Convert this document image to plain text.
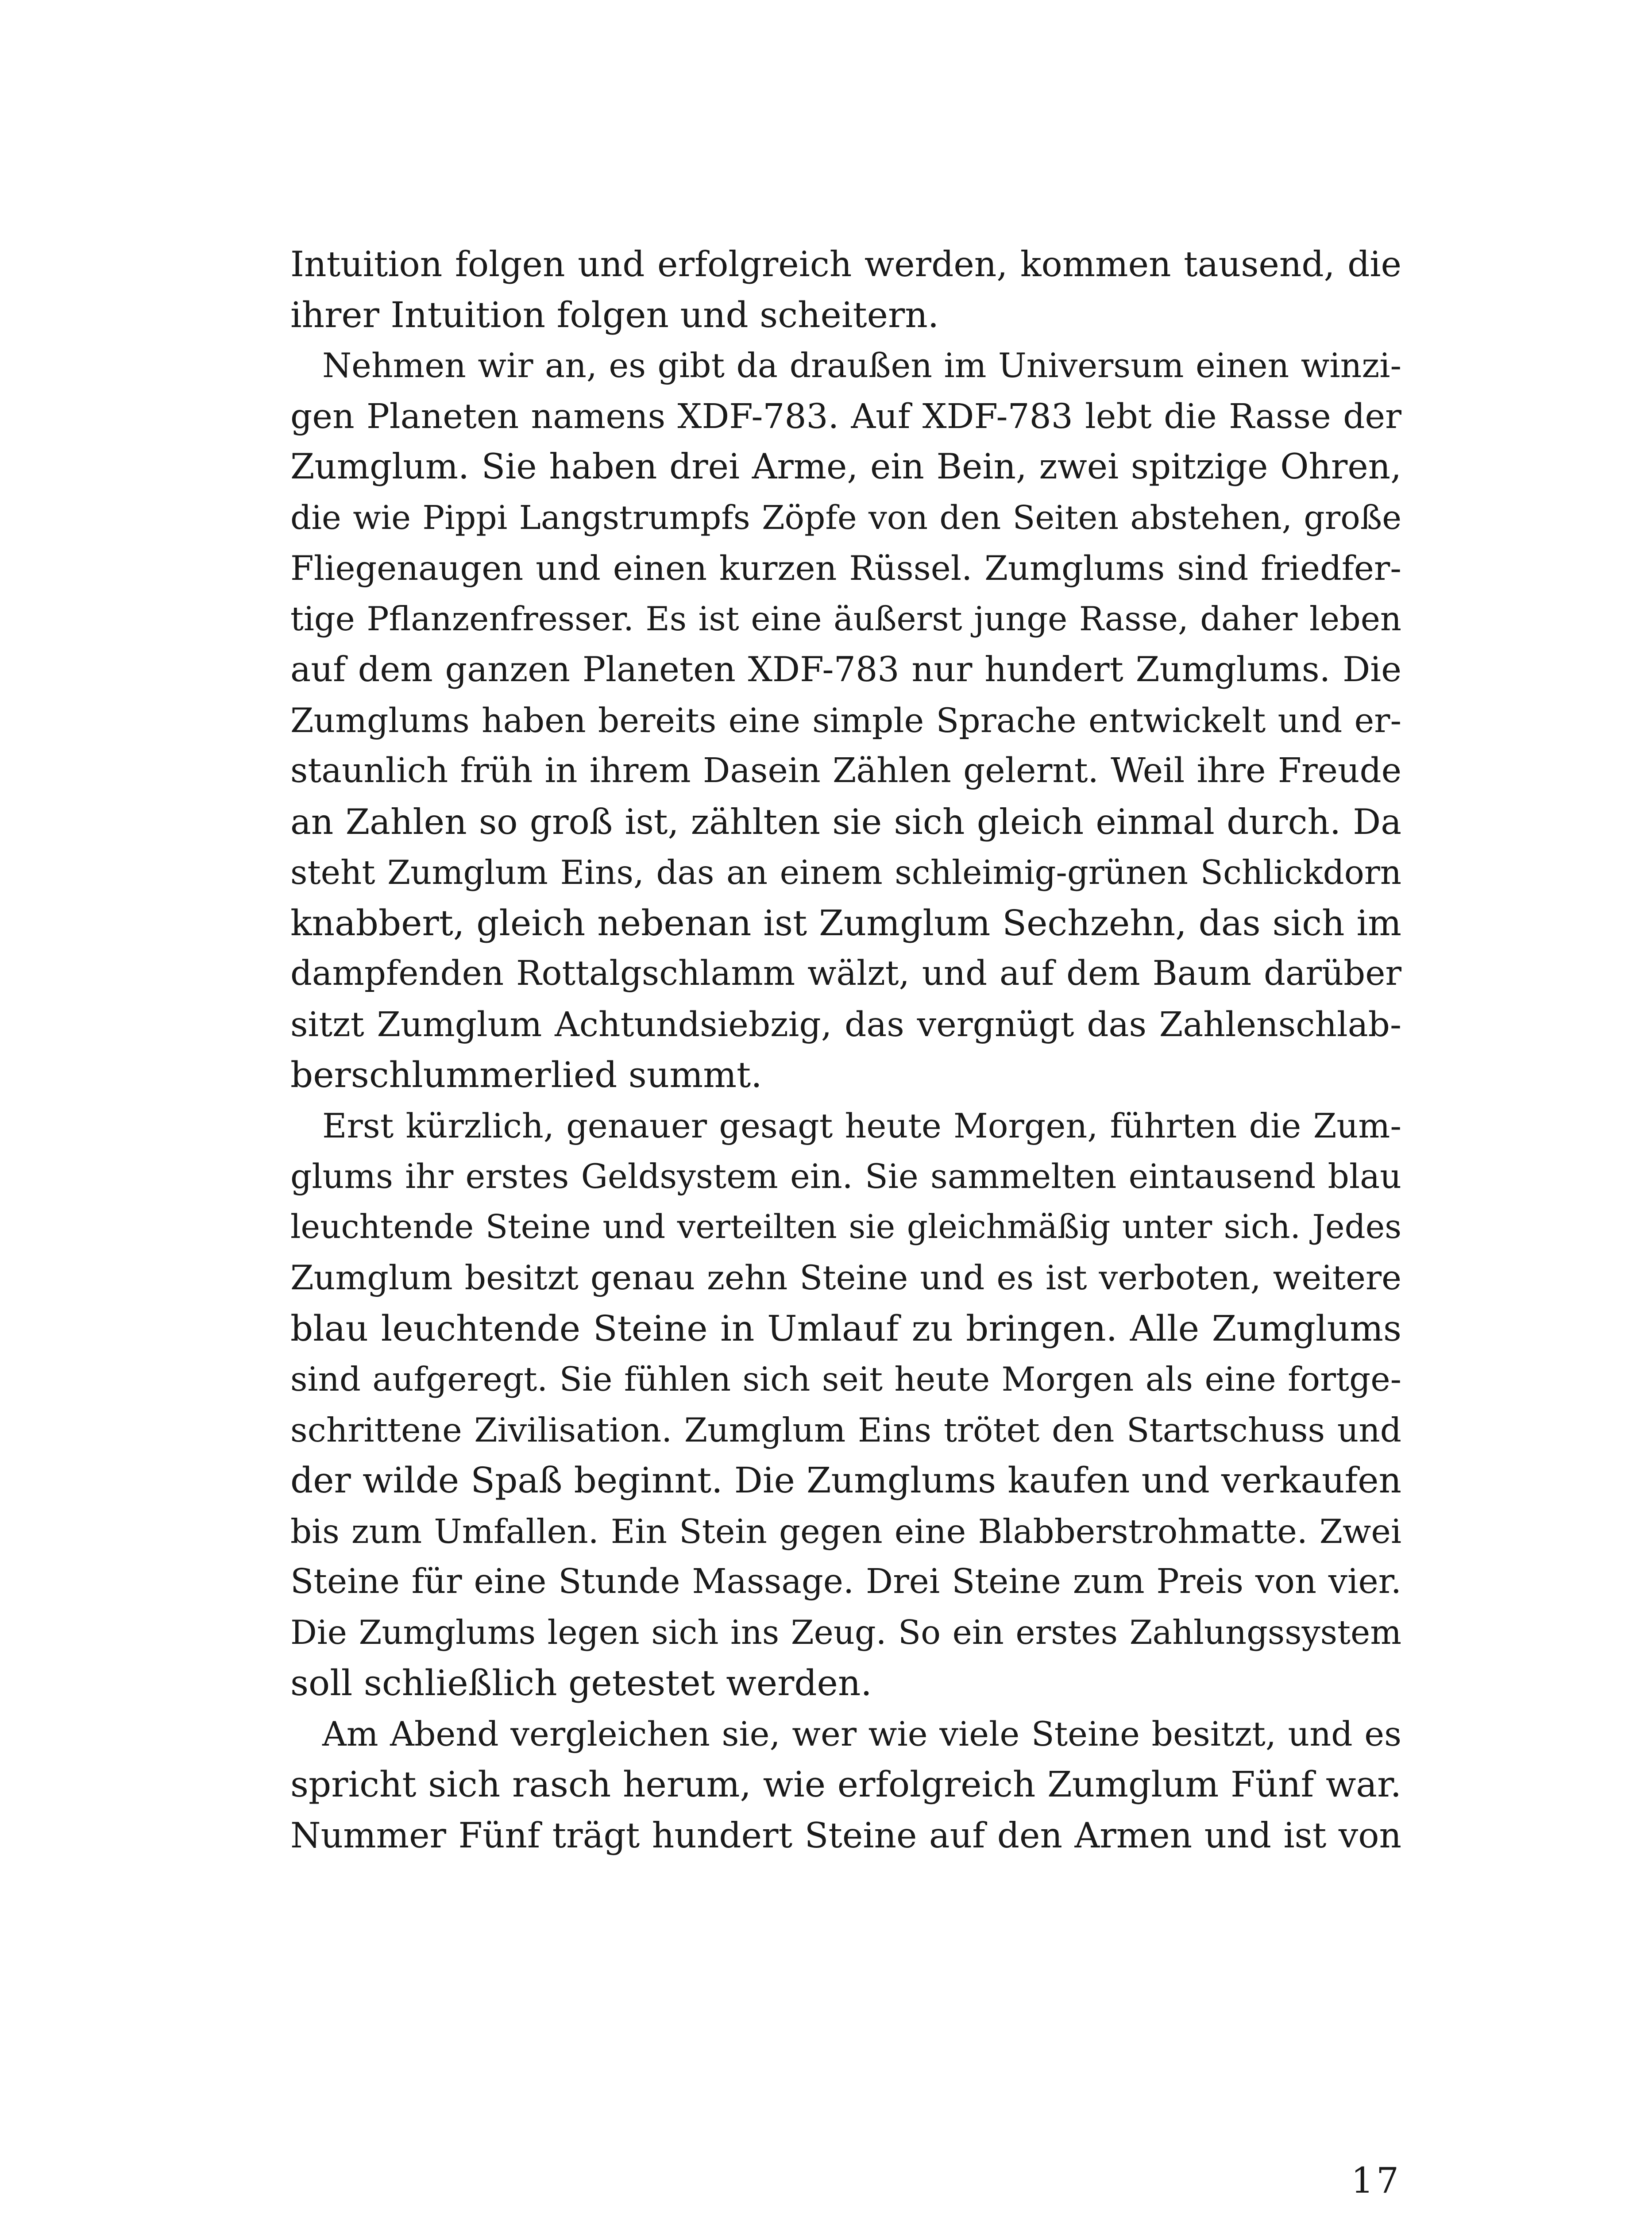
Intuition folgen und erfolgreich werden, kommen tausend, die
ihrer Intuition folgen und scheitern.
Nehmen wir an, es gibt da draußen im Universum einen winzi-
gen Planeten namens XDF-783. Auf XDF-783 lebt die Rasse der
Zumglum. Sie haben drei Arme, ein Bein, zwei spitzige Ohren,
die wie Pippi Langstrumpfs Zöpfe von den Seiten abstehen, große
Fliegenaugen und einen kurzen Rüssel. Zumglums sind friedfer-
tige Pflanzenfresser. Es ist eine äußerst junge Rasse, daher leben
auf dem ganzen Planeten XDF-783 nur hundert Zumglums. Die
Zumglums haben bereits eine simple Sprache entwickelt und er-
staunlich früh in ihrem Dasein Zählen gelernt. Weil ihre Freude
an Zahlen so groß ist, zählten sie sich gleich einmal durch. Da
steht Zumglum Eins, das an einem schleimig-grünen Schlickdorn
knabbert, gleich nebenan ist Zumglum Sechzehn, das sich im
dampfenden Rottalgschlamm wälzt, und auf dem Baum darüber
sitzt Zumglum Achtundsiebzig, das vergnügt das Zahlenschlab-
berschlummerlied summt.
Erst kürzlich, genauer gesagt heute Morgen, führten die Zum-
glums ihr erstes Geldsystem ein. Sie sammelten eintausend blau
leuchtende Steine und verteilten sie gleichmäßig unter sich. Jedes
Zumglum besitzt genau zehn Steine und es ist verboten, weitere
blau leuchtende Steine in Umlauf zu bringen. Alle Zumglums
sind aufgeregt. Sie fühlen sich seit heute Morgen als eine fortge-
schrittene Zivilisation. Zumglum Eins trötet den Startschuss und
der wilde Spaß beginnt. Die Zumglums kaufen und verkaufen
bis zum Umfallen. Ein Stein gegen eine Blabberstrohmatte. Zwei
Steine für eine Stunde Massage. Drei Steine zum Preis von vier.
Die Zumglums legen sich ins Zeug. So ein erstes Zahlungssystem
soll schließlich getestet werden.
Am Abend vergleichen sie, wer wie viele Steine besitzt, und es
spricht sich rasch herum, wie erfolgreich Zumglum Fünf war.
Nummer Fünf trägt hundert Steine auf den Armen und ist von
17
